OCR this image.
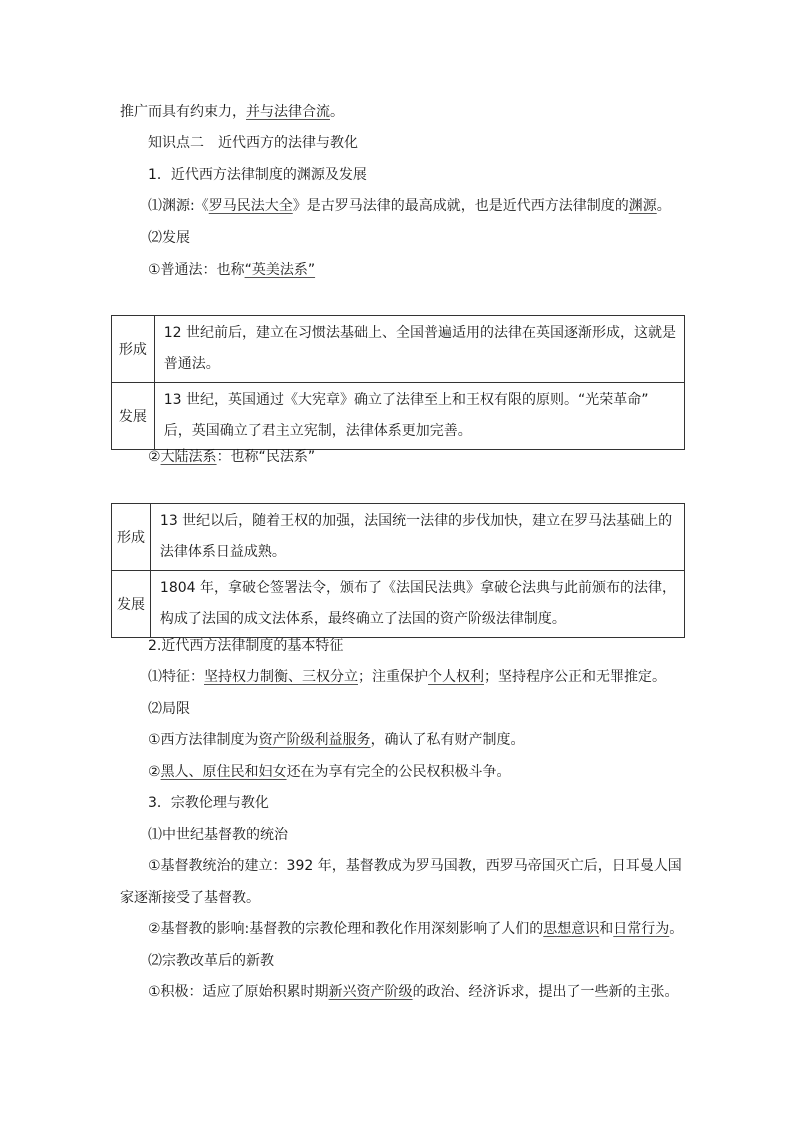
推广而具有约束力，并与法律合流。
知识点二　近代西方的法律与教化
1．近代西方法律制度的渊源及发展
⑴渊源:《罗马民法大全》是古罗马法律的最高成就，也是近代西方法律制度的渊源。
⑵发展
①普通法：也称“英美法系”
形成	12 世纪前后，建立在习惯法基础上、全国普遍适用的法律在英国逐渐形成，这就是
普通法。

发展	13 世纪，英国通过《大宪章》确立了法律至上和王权有限的原则。“光荣革命”
后，英国确立了君主立宪制，法律体系更加完善。
②大陆法系：也称“民法系”
形成	13 世纪以后，随着王权的加强，法国统一法律的步伐加快，建立在罗马法基础上的
法律体系日益成熟。

发展	1804 年，拿破仑签署法令，颁布了《法国民法典》拿破仑法典与此前颁布的法律，
构成了法国的成文法体系，最终确立了法国的资产阶级法律制度。
2.近代西方法律制度的基本特征
⑴特征：坚持权力制衡、三权分立；注重保护个人权利；坚持程序公正和无罪推定。
⑵局限
①西方法律制度为资产阶级利益服务，确认了私有财产制度。
②黑人、原住民和妇女还在为享有完全的公民权积极斗争。
3．宗教伦理与教化
⑴中世纪基督教的统治
①基督教统治的建立：392 年，基督教成为罗马国教，西罗马帝国灭亡后，日耳曼人国
家逐渐接受了基督教。
②基督教的影响:基督教的宗教伦理和教化作用深刻影响了人们的思想意识和日常行为。
⑵宗教改革后的新教
①积极：适应了原始积累时期新兴资产阶级的政治、经济诉求，提出了一些新的主张。
